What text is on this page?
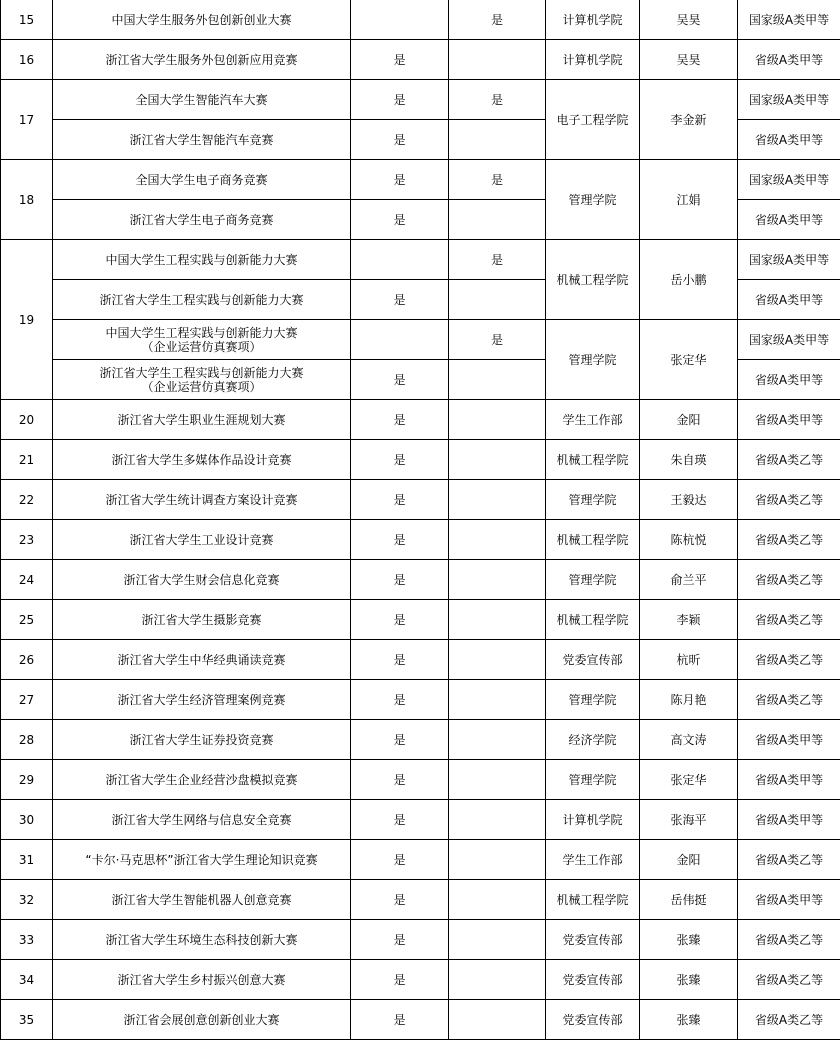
15	中国大学生服务外包创新创业大赛		是	计算机学院	吴昊	国家级A类甲等
16	浙江省大学生服务外包创新应用竞赛	是		计算机学院	吴昊	省级A类甲等
17	全国大学生智能汽车大赛	是	是	电子工程学院	李金新	国家级A类甲等
	浙江省大学生智能汽车竞赛	是				省级A类甲等
18	全国大学生电子商务竞赛	是	是	管理学院	江娟	国家级A类甲等
	浙江省大学生电子商务竞赛	是				省级A类甲等
19	中国大学生工程实践与创新能力大赛		是	机械工程学院	岳小鹏	国家级A类甲等
	浙江省大学生工程实践与创新能力大赛	是				省级A类甲等

	中国大学生工程实践与创新能力大赛
（企业运营仿真赛项）		是	管理学院	张定华	国家级A类甲等

	浙江省大学生工程实践与创新能力大赛
（企业运营仿真赛项）	是				省级A类甲等
20	浙江省大学生职业生涯规划大赛	是		学生工作部	金阳	省级A类甲等
21	浙江省大学生多媒体作品设计竞赛	是		机械工程学院	朱自瑛	省级A类乙等
22	浙江省大学生统计调查方案设计竞赛	是		管理学院	王毅达	省级A类乙等
23	浙江省大学生工业设计竞赛	是		机械工程学院	陈杭悦	省级A类乙等
24	浙江省大学生财会信息化竞赛	是		管理学院	俞兰平	省级A类乙等
25	浙江省大学生摄影竞赛	是		机械工程学院	李颖	省级A类乙等
26	浙江省大学生中华经典诵读竞赛	是		党委宣传部	杭昕	省级A类乙等
27	浙江省大学生经济管理案例竞赛	是		管理学院	陈月艳	省级A类乙等
28	浙江省大学生证券投资竞赛	是		经济学院	高文涛	省级A类甲等
29	浙江省大学生企业经营沙盘模拟竞赛	是		管理学院	张定华	省级A类甲等
30	浙江省大学生网络与信息安全竞赛	是		计算机学院	张海平	省级A类甲等
31	“卡尔·马克思杯”浙江省大学生理论知识竞赛	是		学生工作部	金阳	省级A类乙等
32	浙江省大学生智能机器人创意竞赛	是		机械工程学院	岳伟挺	省级A类甲等
33	浙江省大学生环境生态科技创新大赛	是		党委宣传部	张臻	省级A类乙等
34	浙江省大学生乡村振兴创意大赛	是		党委宣传部	张臻	省级A类乙等
35	浙江省会展创意创新创业大赛	是		党委宣传部	张臻	省级A类乙等
